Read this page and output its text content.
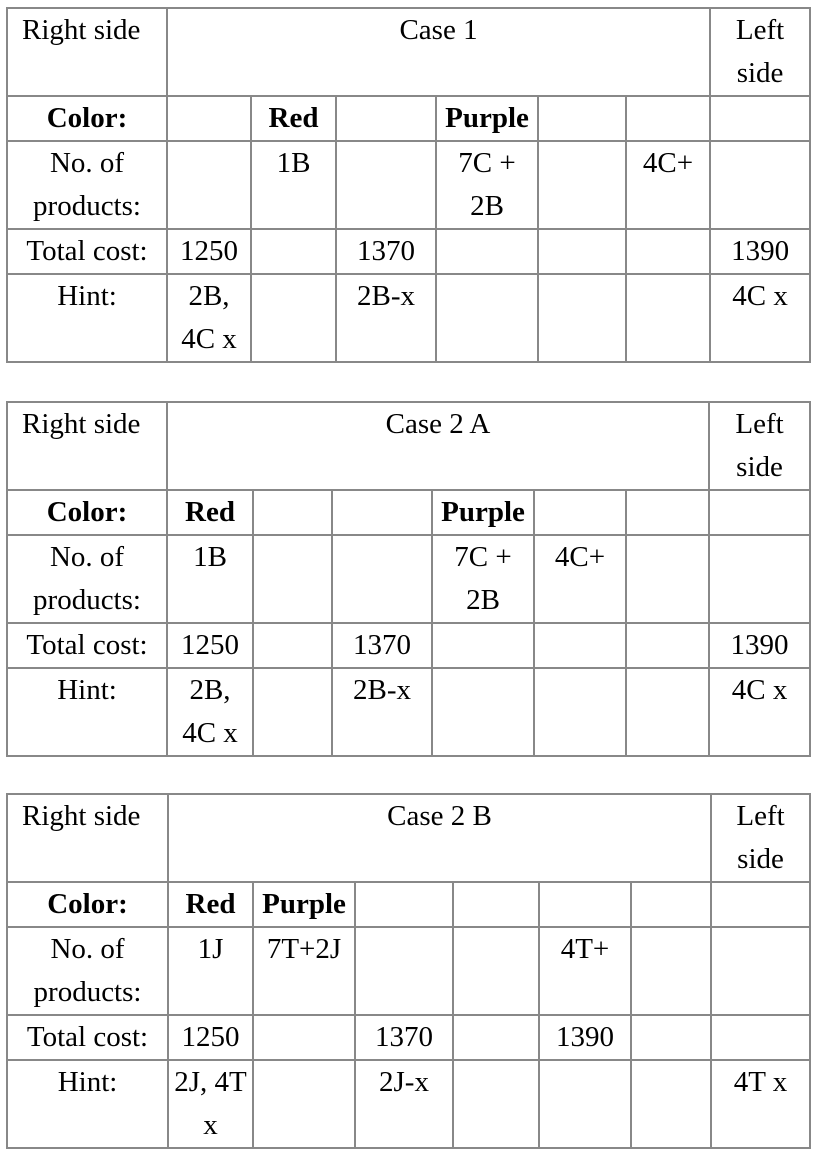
Right side	Case 1						Left side
Color:		Red		Purple			
No. of products:		1B		7C + 2B		4C+	
Total cost:	1250		1370				1390
Hint:	2B, 4C x		2B-x				4C x
Right side	Case 2 A						Left side
Color:	Red			Purple			
No. of products:	1B			7C + 2B	4C+		
Total cost:	1250		1370				1390
Hint:	2B, 4C x		2B-x				4C x
Right side	Case 2 B						Left side
Color:	Red	Purple					
No. of products:	1J	7T+2J			4T+		
Total cost:	1250		1370		1390		
Hint:	2J, 4T x		2J-x				4T x
